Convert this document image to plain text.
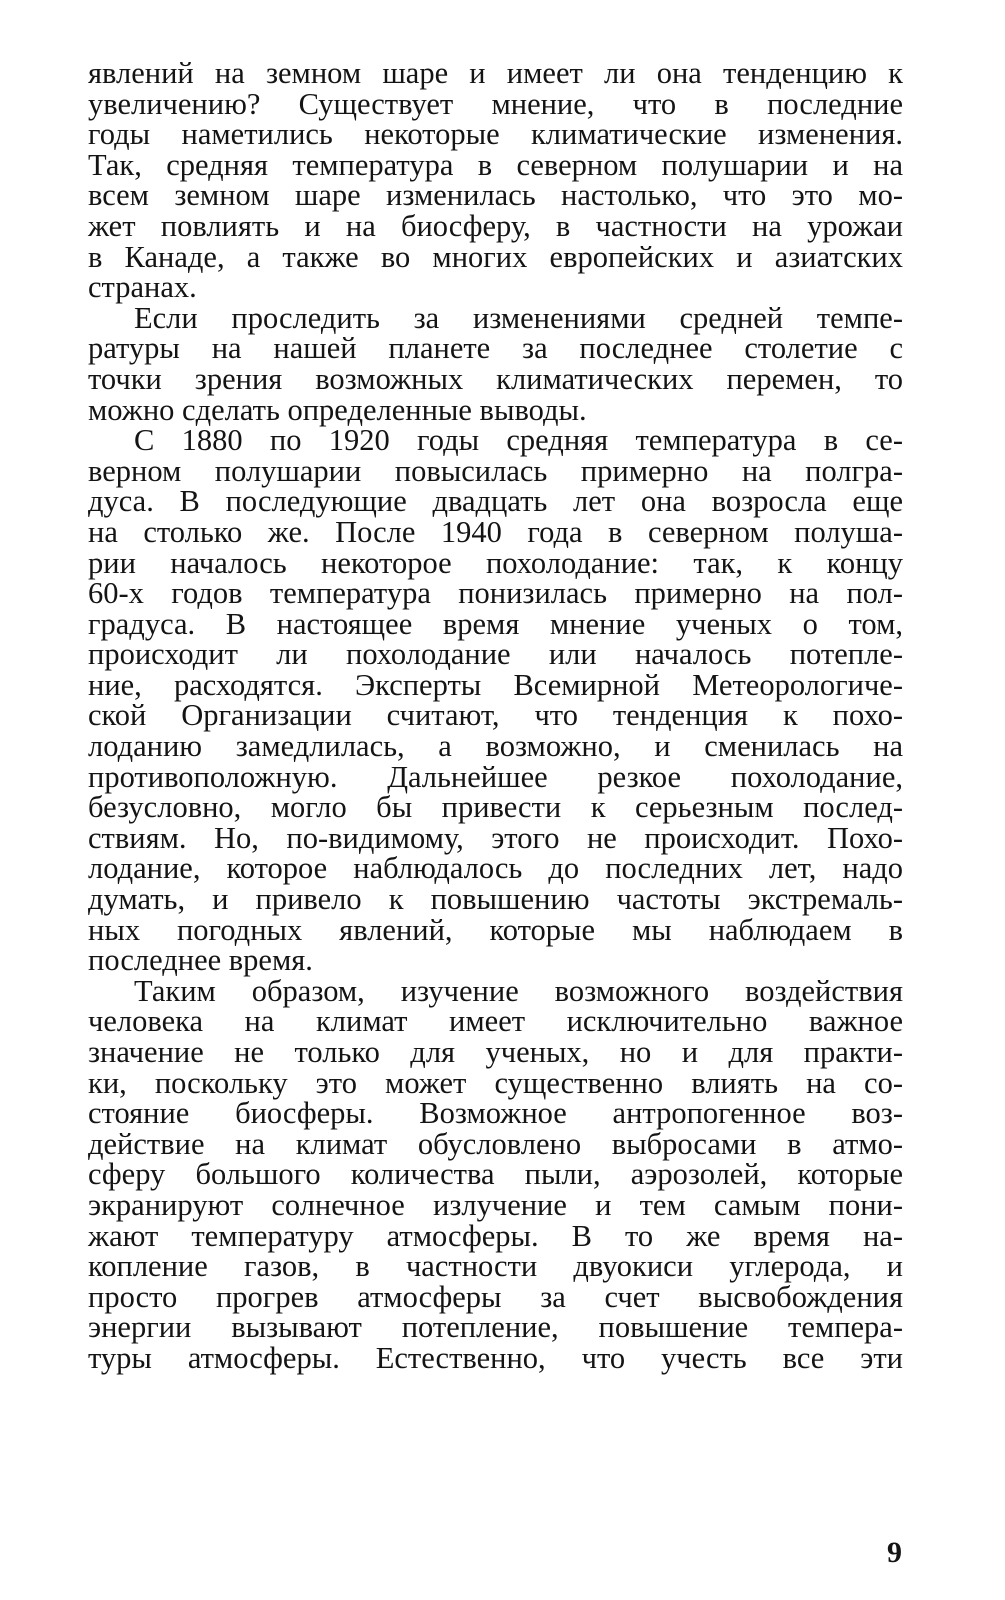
явлений на земном шаре и имеет ли она тенденцию к
увеличению? Существует мнение, что в последние
годы наметились некоторые климатические изменения.
Так, средняя температура в северном полушарии и на
всем земном шаре изменилась настолько, что это мо-
жет повлиять и на биосферу, в частности на урожаи
в Канаде, а также во многих европейских и азиатских
странах.

Если проследить за изменениями средней темпе-
ратуры на нашей планете за последнее столетие с
точки зрения возможных климатических перемен, то
можно сделать определенные выводы.

С 1880 по 1920 годы средняя температура в се-
верном полушарии повысилась примерно на полгра-
дуса. В последующие двадцать лет она возросла еще
на столько же. После 1940 года в северном полуша-
рии началось некоторое похолодание: так, к концу
60-х годов температура понизилась примерно на пол-
градуса. В настоящее время мнение ученых о том,
происходит ли похолодание или началось потепле-
ние, расходятся. Эксперты Всемирной Метеорологиче-
ской Организации считают, что тенденция к похо-
лоданию замедлилась, а возможно, и сменилась на
противоположную. Дальнейшее резкое похолодание,
безусловно, могло бы привести к серьезным послед-
ствиям. Но, по-видимому, этого не происходит. Похо-
лодание, которое наблюдалось до последних лет, надо
думать, и привело к повышению частоты экстремаль-
ных погодных явлений, которые мы наблюдаем в
последнее время.

Таким образом, изучение возможного воздействия
человека на климат имеет исключительно важное
значение не только для ученых, но и для практи-
ки, поскольку это может существенно влиять на со-
стояние биосферы. Возможное антропогенное воз-
действие на климат обусловлено выбросами в атмо-
сферу большого количества пыли, аэрозолей, которые
экранируют солнечное излучение и тем самым пони-
жают температуру атмосферы. В то же время на-
копление газов, в частности двуокиси углерода, и
просто прогрев атмосферы за счет высвобождения
энергии вызывают потепление, повышение темпера-
туры атмосферы. Естественно, что учесть все эти

9
